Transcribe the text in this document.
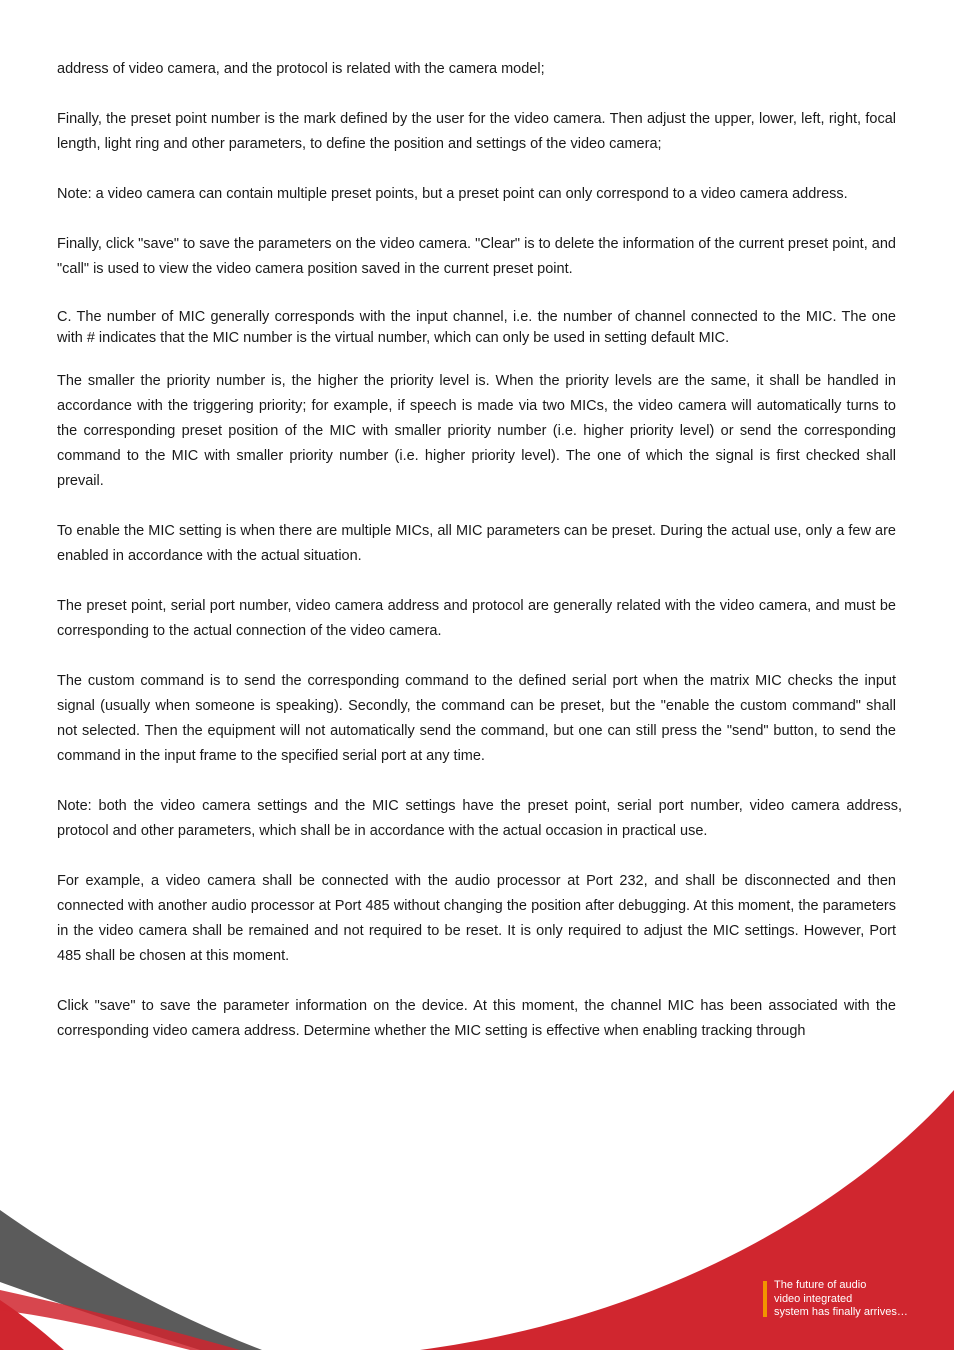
address of video camera, and the protocol is related with the camera model;

Finally, the preset point number is the mark defined by the user for the video camera. Then adjust the upper, lower, left, right, focal length, light ring and other parameters, to define the position and settings of the video camera;

Note: a video camera can contain multiple preset points, but a preset point can only correspond to a video camera address.

Finally, click "save" to save the parameters on the video camera. "Clear" is to delete the information of the current preset point, and "call" is used to view the video camera position saved in the current preset point.

C. The number of MIC generally corresponds with the input channel, i.e. the number of channel connected to the MIC. The one with # indicates that the MIC number is the virtual number, which can only be used in setting default MIC.

The smaller the priority number is, the higher the priority level is. When the priority levels are the same, it shall be handled in accordance with the triggering priority; for example, if speech is made via two MICs, the video camera will automatically turns to the corresponding preset position of the MIC with smaller priority number (i.e. higher priority level) or send the corresponding command to the MIC with smaller priority number (i.e. higher priority level). The one of which the signal is first checked shall prevail.

To enable the MIC setting is when there are multiple MICs, all MIC parameters can be preset. During the actual use, only a few are enabled in accordance with the actual situation.

The preset point, serial port number, video camera address and protocol are generally related with the video camera, and must be corresponding to the actual connection of the video camera.

The custom command is to send the corresponding command to the defined serial port when the matrix MIC checks the input signal (usually when someone is speaking). Secondly, the command can be preset, but the "enable the custom command" shall not selected. Then the equipment will not automatically send the command, but one can still press the "send" button, to send the command in the input frame to the specified serial port at any time.

Note: both the video camera settings and the MIC settings have the preset point, serial port number, video camera address, protocol and other parameters, which shall be in accordance with the actual occasion in practical use.

For example, a video camera shall be connected with the audio processor at Port 232, and shall be disconnected and then connected with another audio processor at Port 485 without changing the position after debugging. At this moment, the parameters in the video camera shall be remained and not required to be reset. It is only required to adjust the MIC settings. However, Port 485 shall be chosen at this moment.

Click "save" to save the parameter information on the device. At this moment, the channel MIC has been associated with the corresponding video camera address. Determine whether the MIC setting is effective when enabling tracking through

The future of audio
video integrated
system has finally arrives…
